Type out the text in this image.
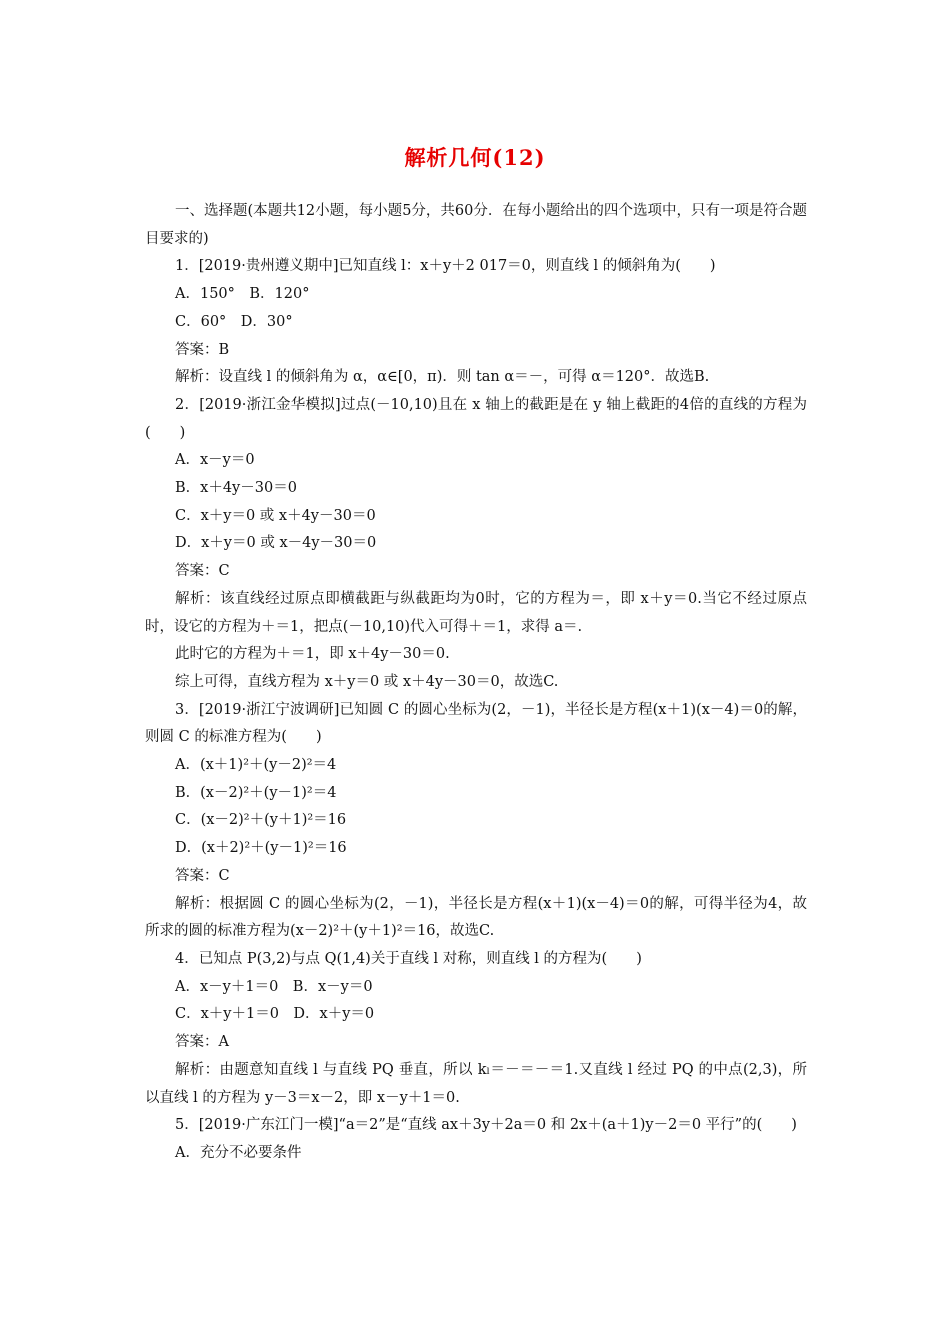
解析几何(12)

一、选择题(本题共12小题，每小题5分，共60分．在每小题给出的四个选项中，只有一项是符合题目要求的)

1．[2019·贵州遵义期中]已知直线 l：x＋y＋2 017＝0，则直线 l 的倾斜角为(　　)

A．150°　B．120°

C．60°　D．30°

答案：B

解析：设直线 l 的倾斜角为 α，α∈[0，π)．则 tan α＝－，可得 α＝120°．故选B.

2．[2019·浙江金华模拟]过点(－10,10)且在 x 轴上的截距是在 y 轴上截距的4倍的直线的方程为(　　)

A．x－y＝0

B．x＋4y－30＝0

C．x＋y＝0 或 x＋4y－30＝0

D．x＋y＝0 或 x－4y－30＝0

答案：C

解析：该直线经过原点即横截距与纵截距均为0时，它的方程为＝，即 x＋y＝0.当它不经过原点时，设它的方程为＋＝1，把点(－10,10)代入可得＋＝1，求得 a＝.

此时它的方程为＋＝1，即 x＋4y－30＝0.

综上可得，直线方程为 x＋y＝0 或 x＋4y－30＝0，故选C.

3．[2019·浙江宁波调研]已知圆 C 的圆心坐标为(2，－1)，半径长是方程(x＋1)(x－4)＝0的解，则圆 C 的标准方程为(　　)

A．(x＋1)²＋(y－2)²＝4

B．(x－2)²＋(y－1)²＝4

C．(x－2)²＋(y＋1)²＝16

D．(x＋2)²＋(y－1)²＝16

答案：C

解析：根据圆 C 的圆心坐标为(2，－1)，半径长是方程(x＋1)(x－4)＝0的解，可得半径为4，故所求的圆的标准方程为(x－2)²＋(y＋1)²＝16，故选C.

4．已知点 P(3,2)与点 Q(1,4)关于直线 l 对称，则直线 l 的方程为(　　)

A．x－y＋1＝0　B．x－y＝0

C．x＋y＋1＝0　D．x＋y＝0

答案：A

解析：由题意知直线 l 与直线 PQ 垂直，所以 kₗ＝－＝－＝1.又直线 l 经过 PQ 的中点(2,3)，所以直线 l 的方程为 y－3＝x－2，即 x－y＋1＝0.

5．[2019·广东江门一模]“a＝2”是“直线 ax＋3y＋2a＝0 和 2x＋(a＋1)y－2＝0 平行”的(　　)

A．充分不必要条件
